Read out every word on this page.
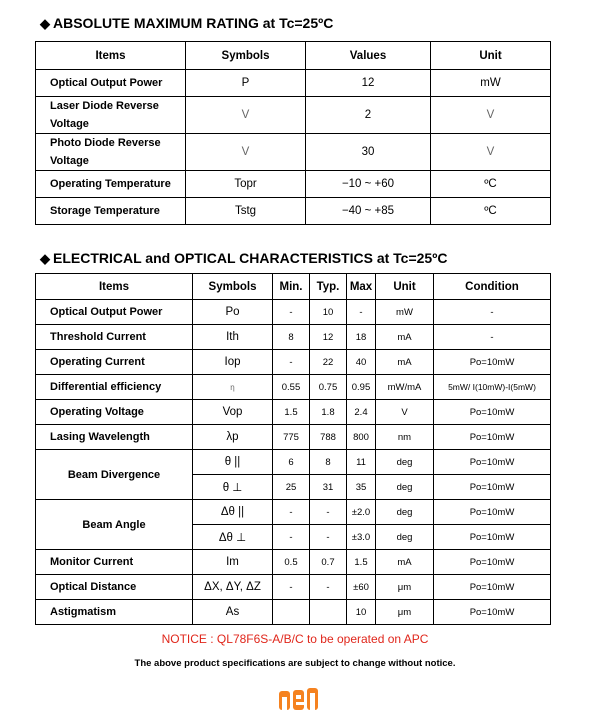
◆ ABSOLUTE MAXIMUM RATING at Tc=25ºC
Items	Symbols	Values	Unit
Optical Output Power	P	12	mW
Laser Diode Reverse Voltage	V	2	V
Photo Diode Reverse Voltage	V	30	V
Operating Temperature	Topr	−10 ~ +60	ºC
Storage Temperature	Tstg	−40 ~ +85	ºC
◆ ELECTRICAL and OPTICAL CHARACTERISTICS at Tc=25ºC
Items	Symbols	Min.	Typ.	Max	Unit	Condition
Optical Output Power	Po	-	10	-	mW	-
Threshold Current	Ith	8	12	18	mA	-
Operating Current	Iop	-	22	40	mA	Po=10mW
Differential efficiency	η	0.55	0.75	0.95	mW/mA	5mW/ I(10mW)-I(5mW)
Operating Voltage	Vop	1.5	1.8	2.4	V	Po=10mW
Lasing Wavelength	λp	775	788	800	nm	Po=10mW
Beam Divergence	θ ||	6	8	11	deg	Po=10mW
	θ ⊥	25	31	35	deg	Po=10mW
Beam Angle	Δθ ||	-	-	±2.0	deg	Po=10mW
	Δθ ⊥	-	-	±3.0	deg	Po=10mW
Monitor Current	Im	0.5	0.7	1.5	mA	Po=10mW
Optical Distance	ΔX, ΔY, ΔZ	-	-	±60	μm	Po=10mW
Astigmatism	As			10	μm	Po=10mW
NOTICE : QL78F6S-A/B/C to be operated on APC
The above product specifications are subject to change without notice.
